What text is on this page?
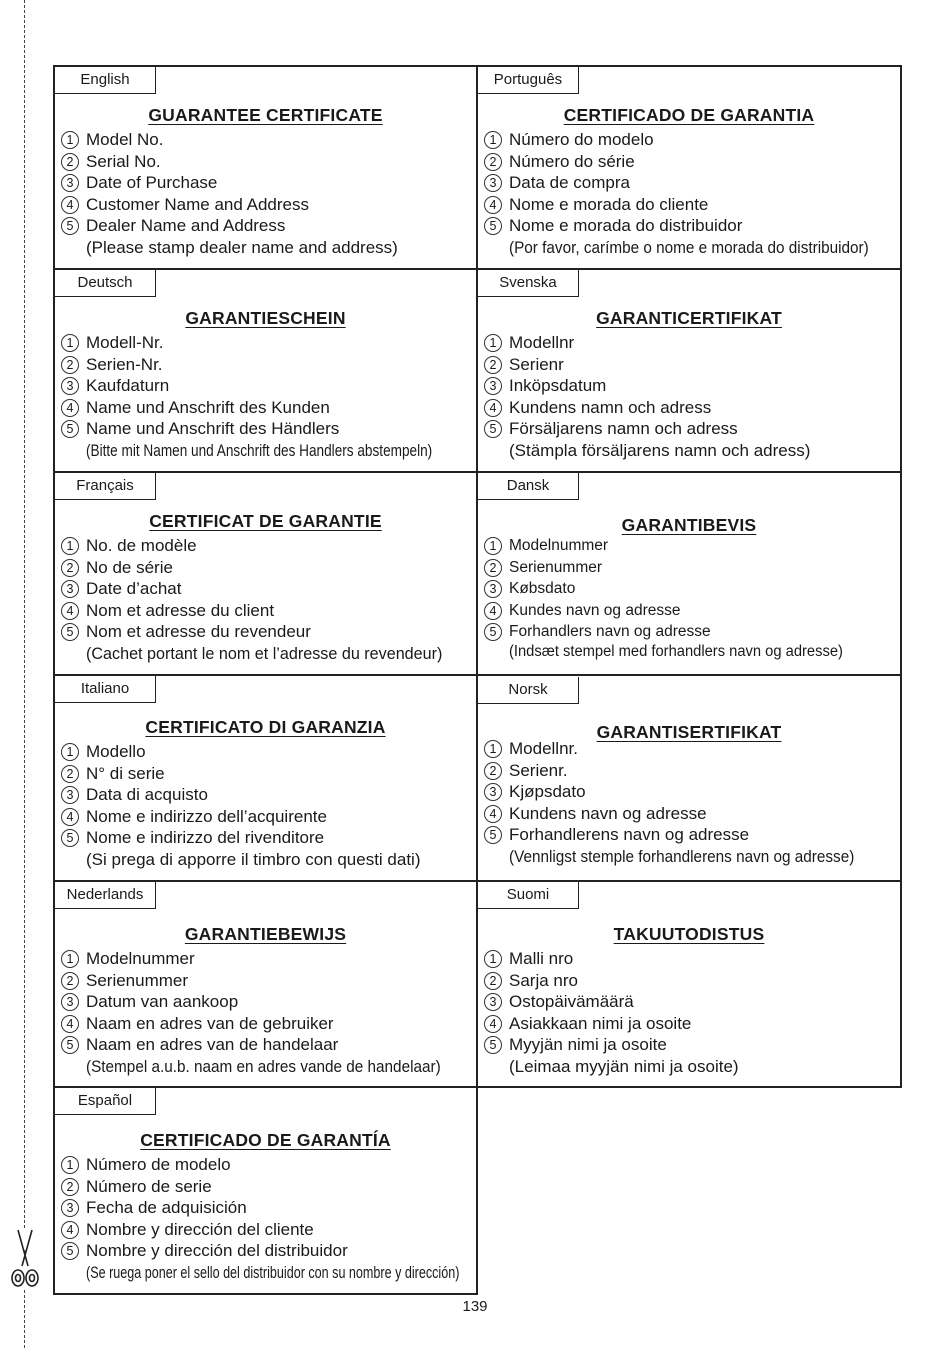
English
GUARANTEE CERTIFICATE
1 Model No.
2 Serial No.
3 Date of Purchase
4 Customer Name and Address
5 Dealer Name and Address
(Please stamp dealer name and address)
Português
CERTIFICADO DE GARANTIA
1 Número do modelo
2 Número do série
3 Data de compra
4 Nome e morada do cliente
5 Nome e morada do distribuidor
(Por favor, carímbe o nome e morada do distribuidor)
Deutsch
GARANTIESCHEIN
1 Modell-Nr.
2 Serien-Nr.
3 Kaufdaturn
4 Name und Anschrift des Kunden
5 Name und Anschrift des Händlers
(Bitte mit Namen und Anschrift des Handlers abstempeln)
Svenska
GARANTICERTIFIKAT
1 Modellnr
2 Serienr
3 Inköpsdatum
4 Kundens namn och adress
5 Försäljarens namn och adress
(Stämpla försäljarens namn och adress)
Français
CERTIFICAT DE GARANTIE
1 No. de modèle
2 No de série
3 Date d’achat
4 Nom et adresse du client
5 Nom et adresse du revendeur
(Cachet portant le nom et l’adresse du revendeur)
Dansk
GARANTIBEVIS
1 Modelnummer
2 Serienummer
3 Købsdato
4 Kundes navn og adresse
5 Forhandlers navn og adresse
(Indsæt stempel med forhandlers navn og adresse)
Italiano
CERTIFICATO DI GARANZIA
1 Modello
2 N° di serie
3 Data di acquisto
4 Nome e indirizzo dell’acquirente
5 Nome e indirizzo del rivenditore
(Si prega di apporre il timbro con questi dati)
Norsk
GARANTISERTIFIKAT
1 Modellnr.
2 Serienr.
3 Kjøpsdato
4 Kundens navn og adresse
5 Forhandlerens navn og adresse
(Vennligst stemple forhandlerens navn og adresse)
Nederlands
GARANTIEBEWIJS
1 Modelnummer
2 Serienummer
3 Datum van aankoop
4 Naam en adres van de gebruiker
5 Naam en adres van de handelaar
(Stempel a.u.b. naam en adres vande de handelaar)
Suomi
TAKUUTODISTUS
1 Malli nro
2 Sarja nro
3 Ostopäivämäärä
4 Asiakkaan nimi ja osoite
5 Myyjän nimi ja osoite
(Leimaa myyjän nimi ja osoite)
Español
CERTIFICADO DE GARANTÍA
1 Número de modelo
2 Número de serie
3 Fecha de adquisición
4 Nombre y dirección del cliente
5 Nombre y dirección del distribuidor
(Se ruega poner el sello del distribuidor con su nombre y dirección)
139
